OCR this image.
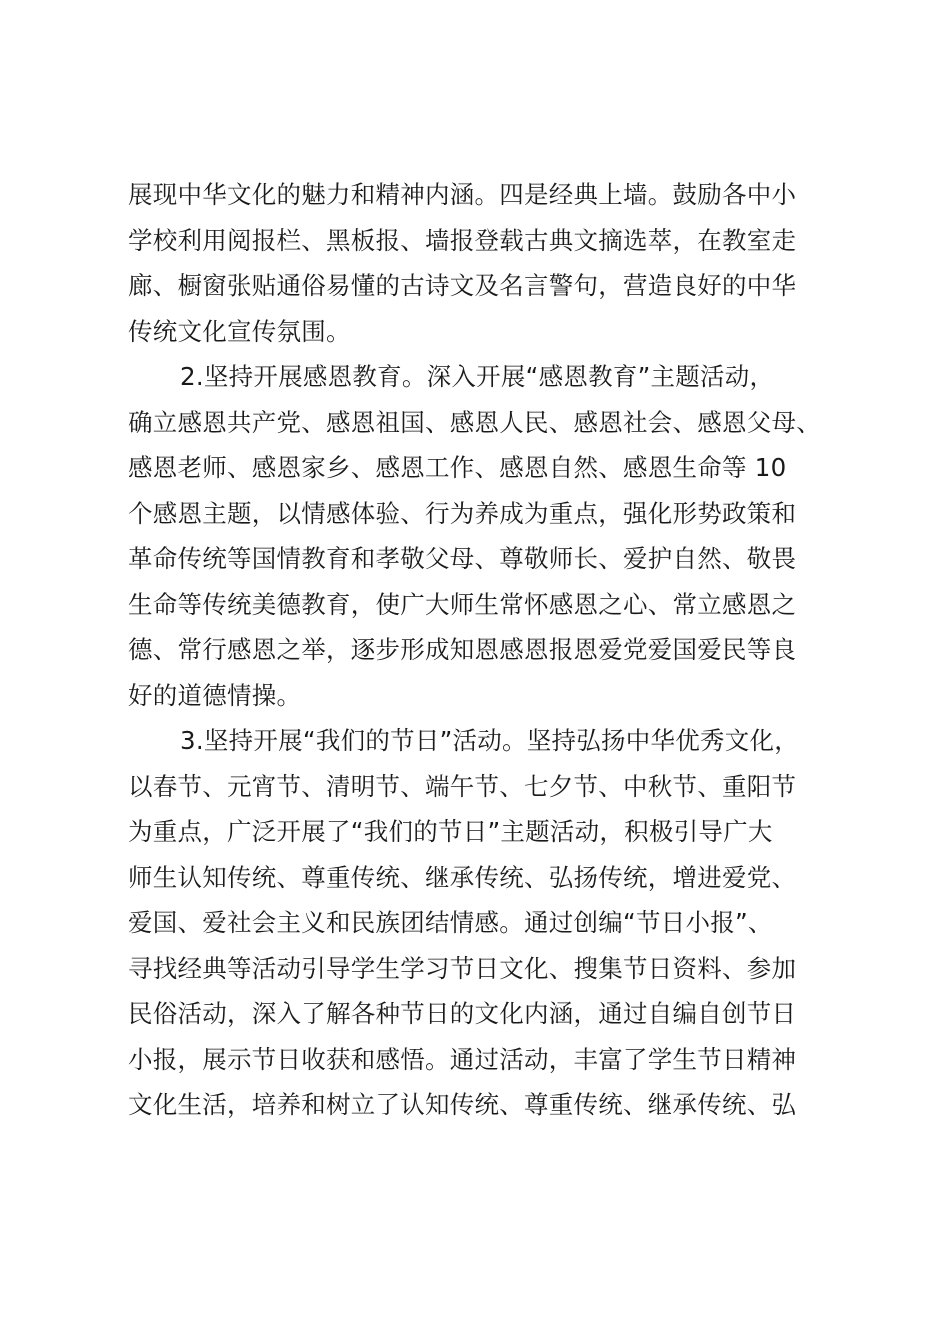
展现中华文化的魅力和精神内涵。四是经典上墙。鼓励各中小
学校利用阅报栏、黑板报、墙报登载古典文摘选萃，在教室走
廊、橱窗张贴通俗易懂的古诗文及名言警句，营造良好的中华
传统文化宣传氛围。
2.坚持开展感恩教育。深入开展“感恩教育”主题活动，
确立感恩共产党、感恩祖国、感恩人民、感恩社会、感恩父母、
感恩老师、感恩家乡、感恩工作、感恩自然、感恩生命等 10
个感恩主题，以情感体验、行为养成为重点，强化形势政策和
革命传统等国情教育和孝敬父母、尊敬师长、爱护自然、敬畏
生命等传统美德教育，使广大师生常怀感恩之心、常立感恩之
德、常行感恩之举，逐步形成知恩感恩报恩爱党爱国爱民等良
好的道德情操。
3.坚持开展“我们的节日”活动。坚持弘扬中华优秀文化，
以春节、元宵节、清明节、端午节、七夕节、中秋节、重阳节
为重点，广泛开展了“我们的节日”主题活动，积极引导广大
师生认知传统、尊重传统、继承传统、弘扬传统，增进爱党、
爱国、爱社会主义和民族团结情感。通过创编“节日小报”、
寻找经典等活动引导学生学习节日文化、搜集节日资料、参加
民俗活动，深入了解各种节日的文化内涵，通过自编自创节日
小报，展示节日收获和感悟。通过活动，丰富了学生节日精神
文化生活，培养和树立了认知传统、尊重传统、继承传统、弘
